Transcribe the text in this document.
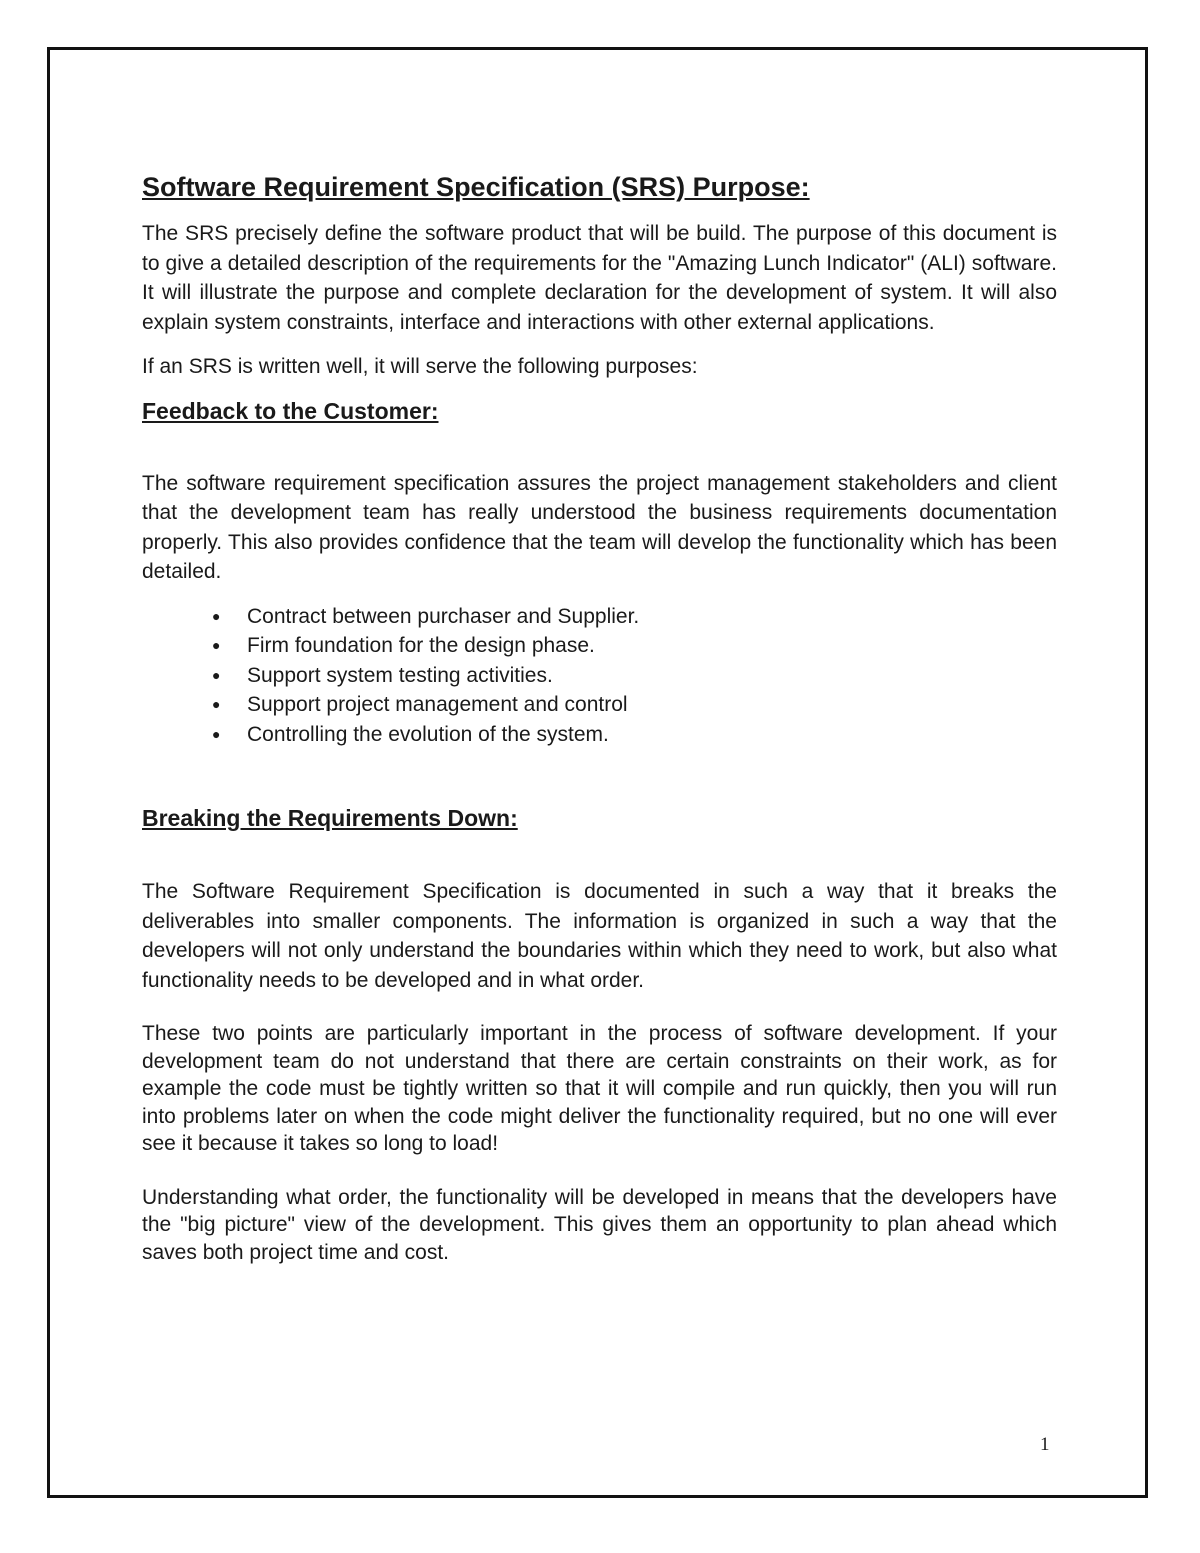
Software Requirement Specification (SRS) Purpose:

The SRS precisely define the software product that will be build. The purpose of this document is to give a detailed description of the requirements for the "Amazing Lunch Indicator" (ALI) software. It will illustrate the purpose and complete declaration for the development of system. It will also explain system constraints, interface and interactions with other external applications.

If an SRS is written well, it will serve the following purposes:

Feedback to the Customer:

The software requirement specification assures the project management stakeholders and client that the development team has really understood the business requirements documentation properly. This also provides confidence that the team will develop the functionality which has been detailed.

● Contract between purchaser and Supplier.
● Firm foundation for the design phase.
● Support system testing activities.
● Support project management and control
● Controlling the evolution of the system.
Breaking the Requirements Down:

The Software Requirement Specification is documented in such a way that it breaks the deliverables into smaller components. The information is organized in such a way that the developers will not only understand the boundaries within which they need to work, but also what functionality needs to be developed and in what order.

These two points are particularly important in the process of software development. If your development team do not understand that there are certain constraints on their work, as for example the code must be tightly written so that it will compile and run quickly, then you will run into problems later on when the code might deliver the functionality required, but no one will ever see it because it takes so long to load!

Understanding what order, the functionality will be developed in means that the developers have the "big picture" view of the development. This gives them an opportunity to plan ahead which saves both project time and cost.

1
